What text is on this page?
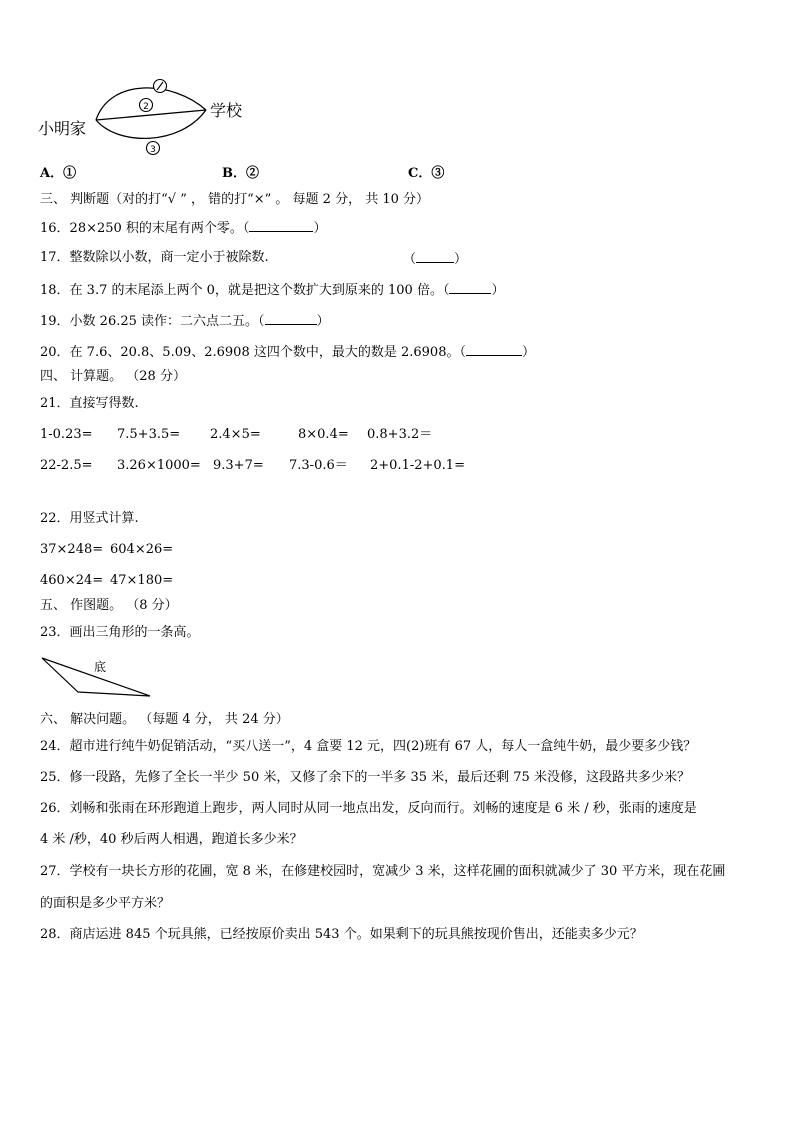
2
3
小明家
学校
A．①	B．②	C．③
三、 判断题（对的打“√ ” ， 错的打“×” 。 每题 2 分， 共 10 分）
16．28×250 积的末尾有两个零。（	）
17．整数除以小数，商一定小于被除数.	（	）
18．在 3.7 的末尾添上两个 0，就是把这个数扩大到原来的 100 倍。（	）
19．小数 26.25 读作：二六点二五。（	）
20．在 7.6、20.8、5.09、2.6908 这四个数中，最大的数是 2.6908。（	）
四、 计算题。 （28 分）
21．直接写得数.
1-0.23= 7.5+3.5= 2.4×5=	8×0.4= 0.8+3.2＝
22-2.5= 3.26×1000= 9.3+7= 7.3-0.6＝ 2+0.1-2+0.1=
22．用竖式计算.
37×248= 604×26=
460×24= 47×180=
五、 作图题。 （8 分）
23．画出三角形的一条高。
底
六、 解决问题。 （每题 4 分， 共 24 分）
24．超市进行纯牛奶促销活动，“买八送一”，4 盒要 12 元，四(2)班有 67 人，每人一盒纯牛奶，最少要多少钱？
25．修一段路，先修了全长一半少 50 米，又修了余下的一半多 35 米，最后还剩 75 米没修，这段路共多少米？
26．刘畅和张雨在环形跑道上跑步，两人同时从同一地点出发，反向而行。刘畅的速度是 6 米 / 秒，张雨的速度是
4 米 /秒，40 秒后两人相遇，跑道长多少米？
27．学校有一块长方形的花圃，宽 8 米，在修建校园时，宽减少 3 米，这样花圃的面积就减少了 30 平方米，现在花圃
的面积是多少平方米？
28．商店运进 845 个玩具熊，已经按原价卖出 543 个。如果剩下的玩具熊按现价售出，还能卖多少元？
